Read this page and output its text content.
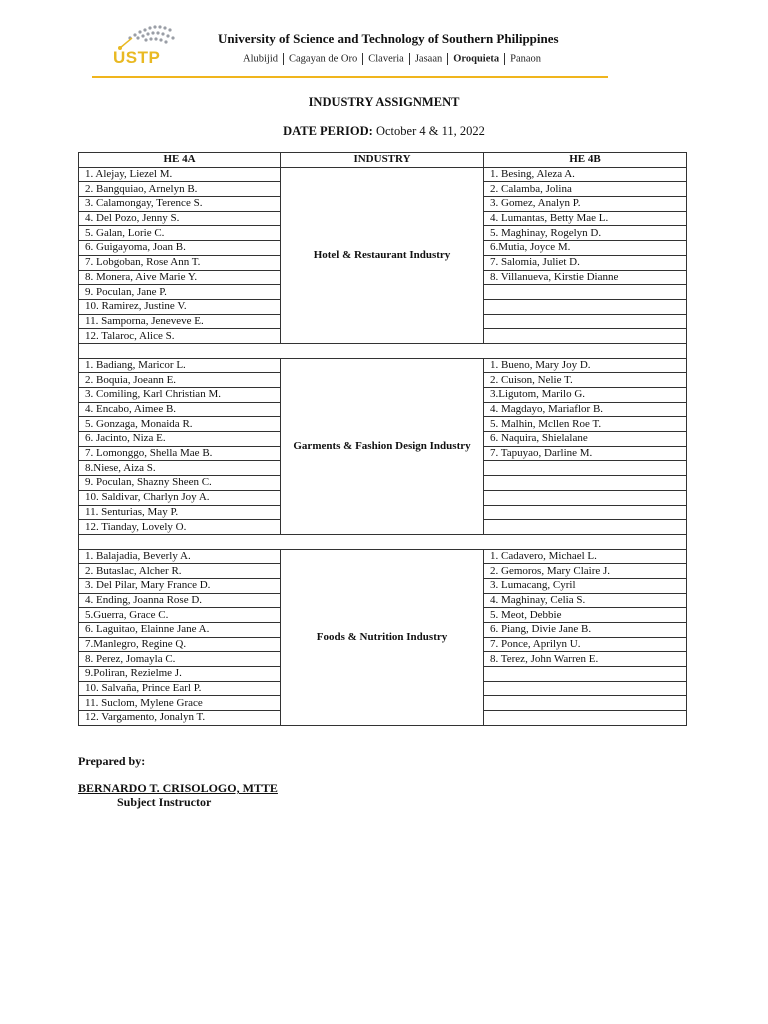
USTP
University of Science and Technology of Southern Philippines
Alubijid Cagayan de Oro Claveria Jasaan Oroquieta Panaon
INDUSTRY ASSIGNMENT
DATE PERIOD: October 4 & 11, 2022
HE 4A	INDUSTRY	HE 4B
1. Alejay, Liezel M.	Hotel & Restaurant Industry	1. Besing, Aleza A.
2. Bangquiao, Arnelyn B.		2. Calamba, Jolina
3. Calamongay, Terence S.		3. Gomez, Analyn P.
4. Del Pozo, Jenny S.		4. Lumantas, Betty Mae L.
5. Galan, Lorie C.		5. Maghinay, Rogelyn D.
6. Guigayoma, Joan B.		6.Mutia, Joyce M.
7. Lobgoban, Rose Ann T.		7. Salomia, Juliet D.
8. Monera, Aive Marie Y.		8. Villanueva, Kirstie Dianne
9. Poculan, Jane P.		
10. Ramirez, Justine V.		
11. Samporna, Jeneveve E.		
12. Talaroc, Alice S.		

1. Badiang, Maricor L.	Garments & Fashion Design Industry	1. Bueno, Mary Joy D.
2. Boquia, Joeann E.		2. Cuison, Nelie T.
3. Comiling, Karl Christian M.		3.Ligutom, Marilo G.
4. Encabo, Aimee B.		4. Magdayo, Mariaflor B.
5. Gonzaga, Monaida R.		5. Malhin, Mcllen Roe T.
6. Jacinto, Niza E.		6. Naquira, Shielalane
7. Lomonggo, Shella Mae B.		7. Tapuyao, Darline M.
8.Niese, Aiza S.		
9. Poculan, Shazny Sheen C.		
10. Saldivar, Charlyn Joy A.		
11. Senturias, May P.		
12. Tianday, Lovely O.		

1. Balajadia, Beverly A.	Foods & Nutrition Industry	1. Cadavero, Michael L.
2. Butaslac, Alcher R.		2. Gemoros, Mary Claire J.
3. Del Pilar, Mary France D.		3. Lumacang, Cyril
4. Ending, Joanna Rose D.		4. Maghinay, Celia S.
5.Guerra, Grace C.		5. Meot, Debbie
6. Laguitao, Elainne Jane A.		6. Piang, Divie Jane B.
7.Manlegro, Regine Q.		7. Ponce, Aprilyn U.
8. Perez, Jomayla C.		8. Terez, John Warren E.
9.Poliran, Rezielme J.		
10. Salvaña, Prince Earl P.		
11. Suclom, Mylene Grace		
12. Vargamento, Jonalyn T.		
Prepared by:
BERNARDO T. CRISOLOGO, MTTE
Subject Instructor
